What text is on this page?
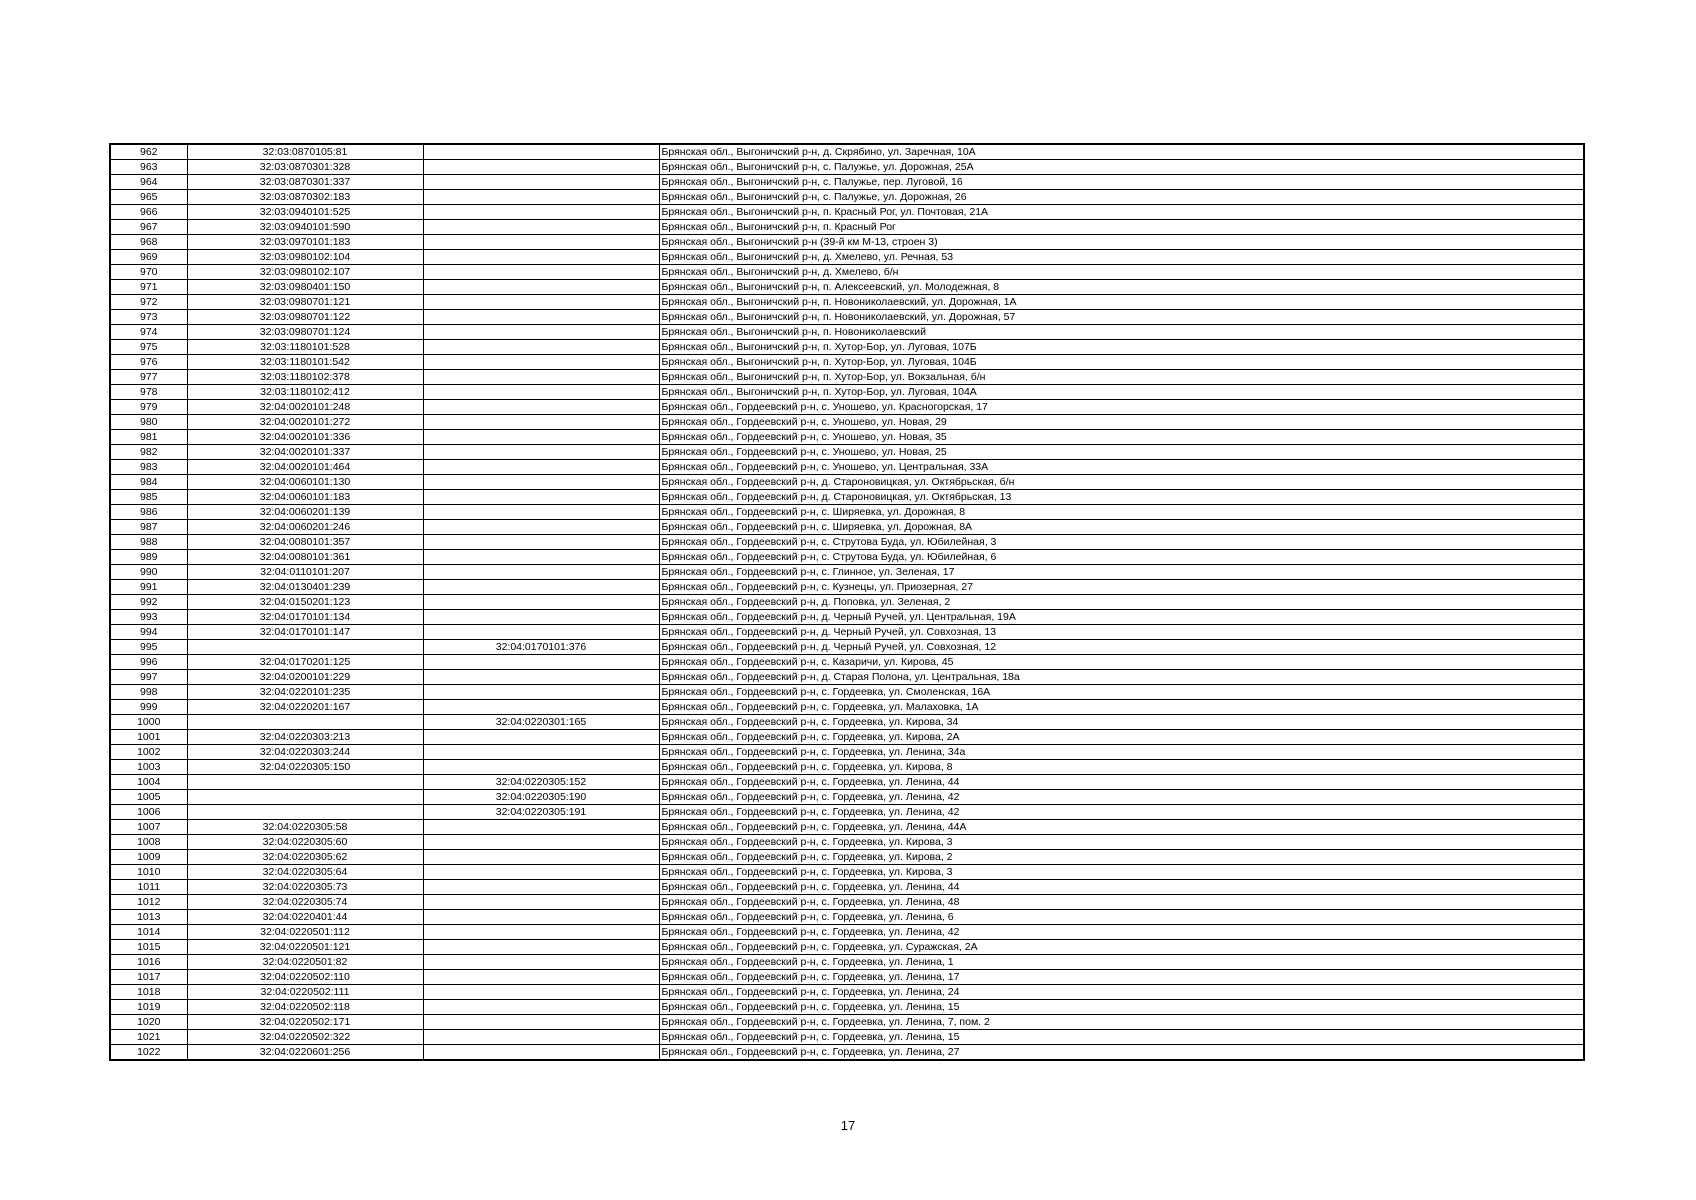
962	32:03:0870105:81		Брянская обл., Выгоничский р-н, д. Скрябино, ул. Заречная, 10А
963	32:03:0870301:328		Брянская обл., Выгоничский р-н, с. Палужье, ул. Дорожная, 25А
964	32:03:0870301:337		Брянская обл., Выгоничский р-н, с. Палужье, пер. Луговой, 16
965	32:03:0870302:183		Брянская обл., Выгоничский р-н, с. Палужье, ул. Дорожная, 26
966	32:03:0940101:525		Брянская обл., Выгоничский р-н, п. Красный Рог, ул. Почтовая, 21А
967	32:03:0940101:590		Брянская обл., Выгоничский р-н, п. Красный Рог
968	32:03:0970101:183		Брянская обл., Выгоничский р-н (39-й км М-13, строен 3)
969	32:03:0980102:104		Брянская обл., Выгоничский р-н, д. Хмелево, ул. Речная, 53
970	32:03:0980102:107		Брянская обл., Выгоничский р-н, д. Хмелево, б/н
971	32:03:0980401:150		Брянская обл., Выгоничский р-н, п. Алексеевский, ул. Молодежная, 8
972	32:03:0980701:121		Брянская обл., Выгоничский р-н, п. Новониколаевский, ул. Дорожная, 1А
973	32:03:0980701:122		Брянская обл., Выгоничский р-н, п. Новониколаевский, ул. Дорожная, 57
974	32:03:0980701:124		Брянская обл., Выгоничский р-н, п. Новониколаевский
975	32:03:1180101:528		Брянская обл., Выгоничский р-н, п. Хутор-Бор, ул. Луговая, 107Б
976	32:03:1180101:542		Брянская обл., Выгоничский р-н, п. Хутор-Бор, ул. Луговая, 104Б
977	32:03:1180102:378		Брянская обл., Выгоничский р-н, п. Хутор-Бор, ул. Вокзальная, б/н
978	32:03:1180102:412		Брянская обл., Выгоничский р-н, п. Хутор-Бор, ул. Луговая, 104А
979	32:04:0020101:248		Брянская обл., Гордеевский р-н, с. Уношево, ул. Красногорская, 17
980	32:04:0020101:272		Брянская обл., Гордеевский р-н, с. Уношево, ул. Новая, 29
981	32:04:0020101:336		Брянская обл., Гордеевский р-н, с. Уношево, ул. Новая, 35
982	32:04:0020101:337		Брянская обл., Гордеевский р-н, с. Уношево, ул. Новая, 25
983	32:04:0020101:464		Брянская обл., Гордеевский р-н, с. Уношево, ул. Центральная, 33А
984	32:04:0060101:130		Брянская обл., Гордеевский р-н, д. Староновицкая, ул. Октябрьская, б/н
985	32:04:0060101:183		Брянская обл., Гордеевский р-н, д. Староновицкая, ул. Октябрьская, 13
986	32:04:0060201:139		Брянская обл., Гордеевский р-н, с. Ширяевка, ул. Дорожная, 8
987	32:04:0060201:246		Брянская обл., Гордеевский р-н, с. Ширяевка, ул. Дорожная, 8А
988	32:04:0080101:357		Брянская обл., Гордеевский р-н, с. Струтова Буда, ул. Юбилейная, 3
989	32:04:0080101:361		Брянская обл., Гордеевский р-н, с. Струтова Буда, ул. Юбилейная, 6
990	32:04:0110101:207		Брянская обл., Гордеевский р-н, с. Глинное, ул. Зеленая, 17
991	32:04:0130401:239		Брянская обл., Гордеевский р-н, с. Кузнецы, ул. Приозерная, 27
992	32:04:0150201:123		Брянская обл., Гордеевский р-н, д. Поповка, ул. Зеленая, 2
993	32:04:0170101:134		Брянская обл., Гордеевский р-н, д. Черный Ручей, ул. Центральная, 19А
994	32:04:0170101:147		Брянская обл., Гордеевский р-н, д. Черный Ручей, ул. Совхозная, 13
995		32:04:0170101:376	Брянская обл., Гордеевский р-н, д. Черный Ручей, ул. Совхозная, 12
996	32:04:0170201:125		Брянская обл., Гордеевский р-н, с. Казаричи, ул. Кирова, 45
997	32:04:0200101:229		Брянская обл., Гордеевский р-н, д. Старая Полона, ул. Центральная, 18а
998	32:04:0220101:235		Брянская обл., Гордеевский р-н, с. Гордеевка, ул. Смоленская, 16А
999	32:04:0220201:167		Брянская обл., Гордеевский р-н, с. Гордеевка, ул. Малаховка, 1А
1000		32:04:0220301:165	Брянская обл., Гордеевский р-н, с. Гордеевка, ул. Кирова, 34
1001	32:04:0220303:213		Брянская обл., Гордеевский р-н, с. Гордеевка, ул. Кирова, 2А
1002	32:04:0220303:244		Брянская обл., Гордеевский р-н, с. Гордеевка, ул. Ленина, 34а
1003	32:04:0220305:150		Брянская обл., Гордеевский р-н, с. Гордеевка, ул. Кирова, 8
1004		32:04:0220305:152	Брянская обл., Гордеевский р-н, с. Гордеевка, ул. Ленина, 44
1005		32:04:0220305:190	Брянская обл., Гордеевский р-н, с. Гордеевка, ул. Ленина, 42
1006		32:04:0220305:191	Брянская обл., Гордеевский р-н, с. Гордеевка, ул. Ленина, 42
1007	32:04:0220305:58		Брянская обл., Гордеевский р-н, с. Гордеевка, ул. Ленина, 44А
1008	32:04:0220305:60		Брянская обл., Гордеевский р-н, с. Гордеевка, ул. Кирова, 3
1009	32:04:0220305:62		Брянская обл., Гордеевский р-н, с. Гордеевка, ул. Кирова, 2
1010	32:04:0220305:64		Брянская обл., Гордеевский р-н, с. Гордеевка, ул. Кирова, 3
1011	32:04:0220305:73		Брянская обл., Гордеевский р-н, с. Гордеевка, ул. Ленина, 44
1012	32:04:0220305:74		Брянская обл., Гордеевский р-н, с. Гордеевка, ул. Ленина, 48
1013	32:04:0220401:44		Брянская обл., Гордеевский р-н, с. Гордеевка, ул. Ленина, 6
1014	32:04:0220501:112		Брянская обл., Гордеевский р-н, с. Гордеевка, ул. Ленина, 42
1015	32:04:0220501:121		Брянская обл., Гордеевский р-н, с. Гордеевка, ул. Суражская, 2А
1016	32:04:0220501:82		Брянская обл., Гордеевский р-н, с. Гордеевка, ул. Ленина, 1
1017	32:04:0220502:110		Брянская обл., Гордеевский р-н, с. Гордеевка, ул. Ленина, 17
1018	32:04:0220502:111		Брянская обл., Гордеевский р-н, с. Гордеевка, ул. Ленина, 24
1019	32:04:0220502:118		Брянская обл., Гордеевский р-н, с. Гордеевка, ул. Ленина, 15
1020	32:04:0220502:171		Брянская обл., Гордеевский р-н, с. Гордеевка, ул. Ленина, 7, пом. 2
1021	32:04:0220502:322		Брянская обл., Гордеевский р-н, с. Гордеевка, ул. Ленина, 15
1022	32:04:0220601:256		Брянская обл., Гордеевский р-н, с. Гордеевка, ул. Ленина, 27
17
